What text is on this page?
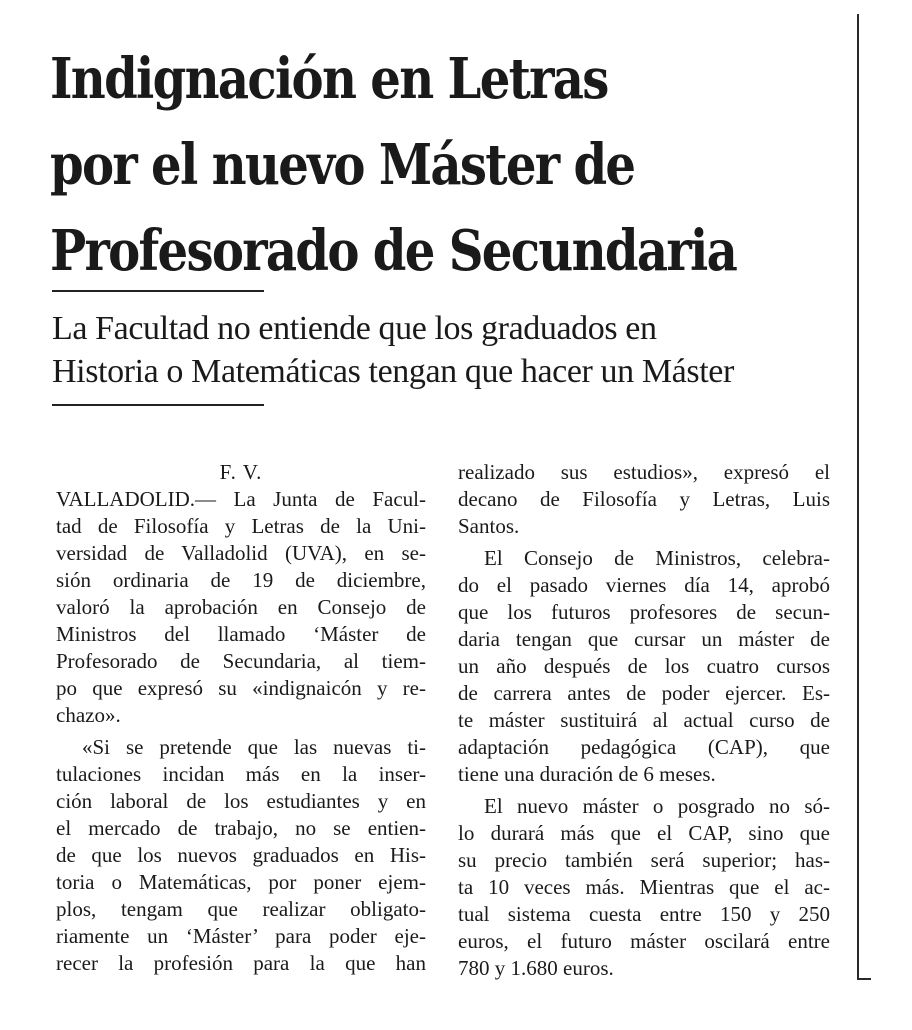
Indignación en Letras
por el nuevo Máster de
Profesorado de Secundaria
La Facultad no entiende que los graduados en
Historia o Matemáticas tengan que hacer un Máster
F. V.
VALLADOLID.— La Junta de Facul-
tad de Filosofía y Letras de la Uni-
versidad de Valladolid (UVA), en se-
sión ordinaria de 19 de diciembre,
valoró la aprobación en Consejo de
Ministros del llamado ‘Máster de
Profesorado de Secundaria, al tiem-
po que expresó su «indignaicón y re-
chazo».
«Si se pretende que las nuevas ti-
tulaciones incidan más en la inser-
ción laboral de los estudiantes y en
el mercado de trabajo, no se entien-
de que los nuevos graduados en His-
toria o Matemáticas, por poner ejem-
plos, tengam que realizar obligato-
riamente un ‘Máster’ para poder eje-
recer la profesión para la que han
realizado sus estudios», expresó el
decano de Filosofía y Letras, Luis
Santos.
El Consejo de Ministros, celebra-
do el pasado viernes día 14, aprobó
que los futuros profesores de secun-
daria tengan que cursar un máster de
un año después de los cuatro cursos
de carrera antes de poder ejercer. Es-
te máster sustituirá al actual curso de
adaptación pedagógica (CAP), que
tiene una duración de 6 meses.
El nuevo máster o posgrado no só-
lo durará más que el CAP, sino que
su precio también será superior; has-
ta 10 veces más. Mientras que el ac-
tual sistema cuesta entre 150 y 250
euros, el futuro máster oscilará entre
780 y 1.680 euros.
